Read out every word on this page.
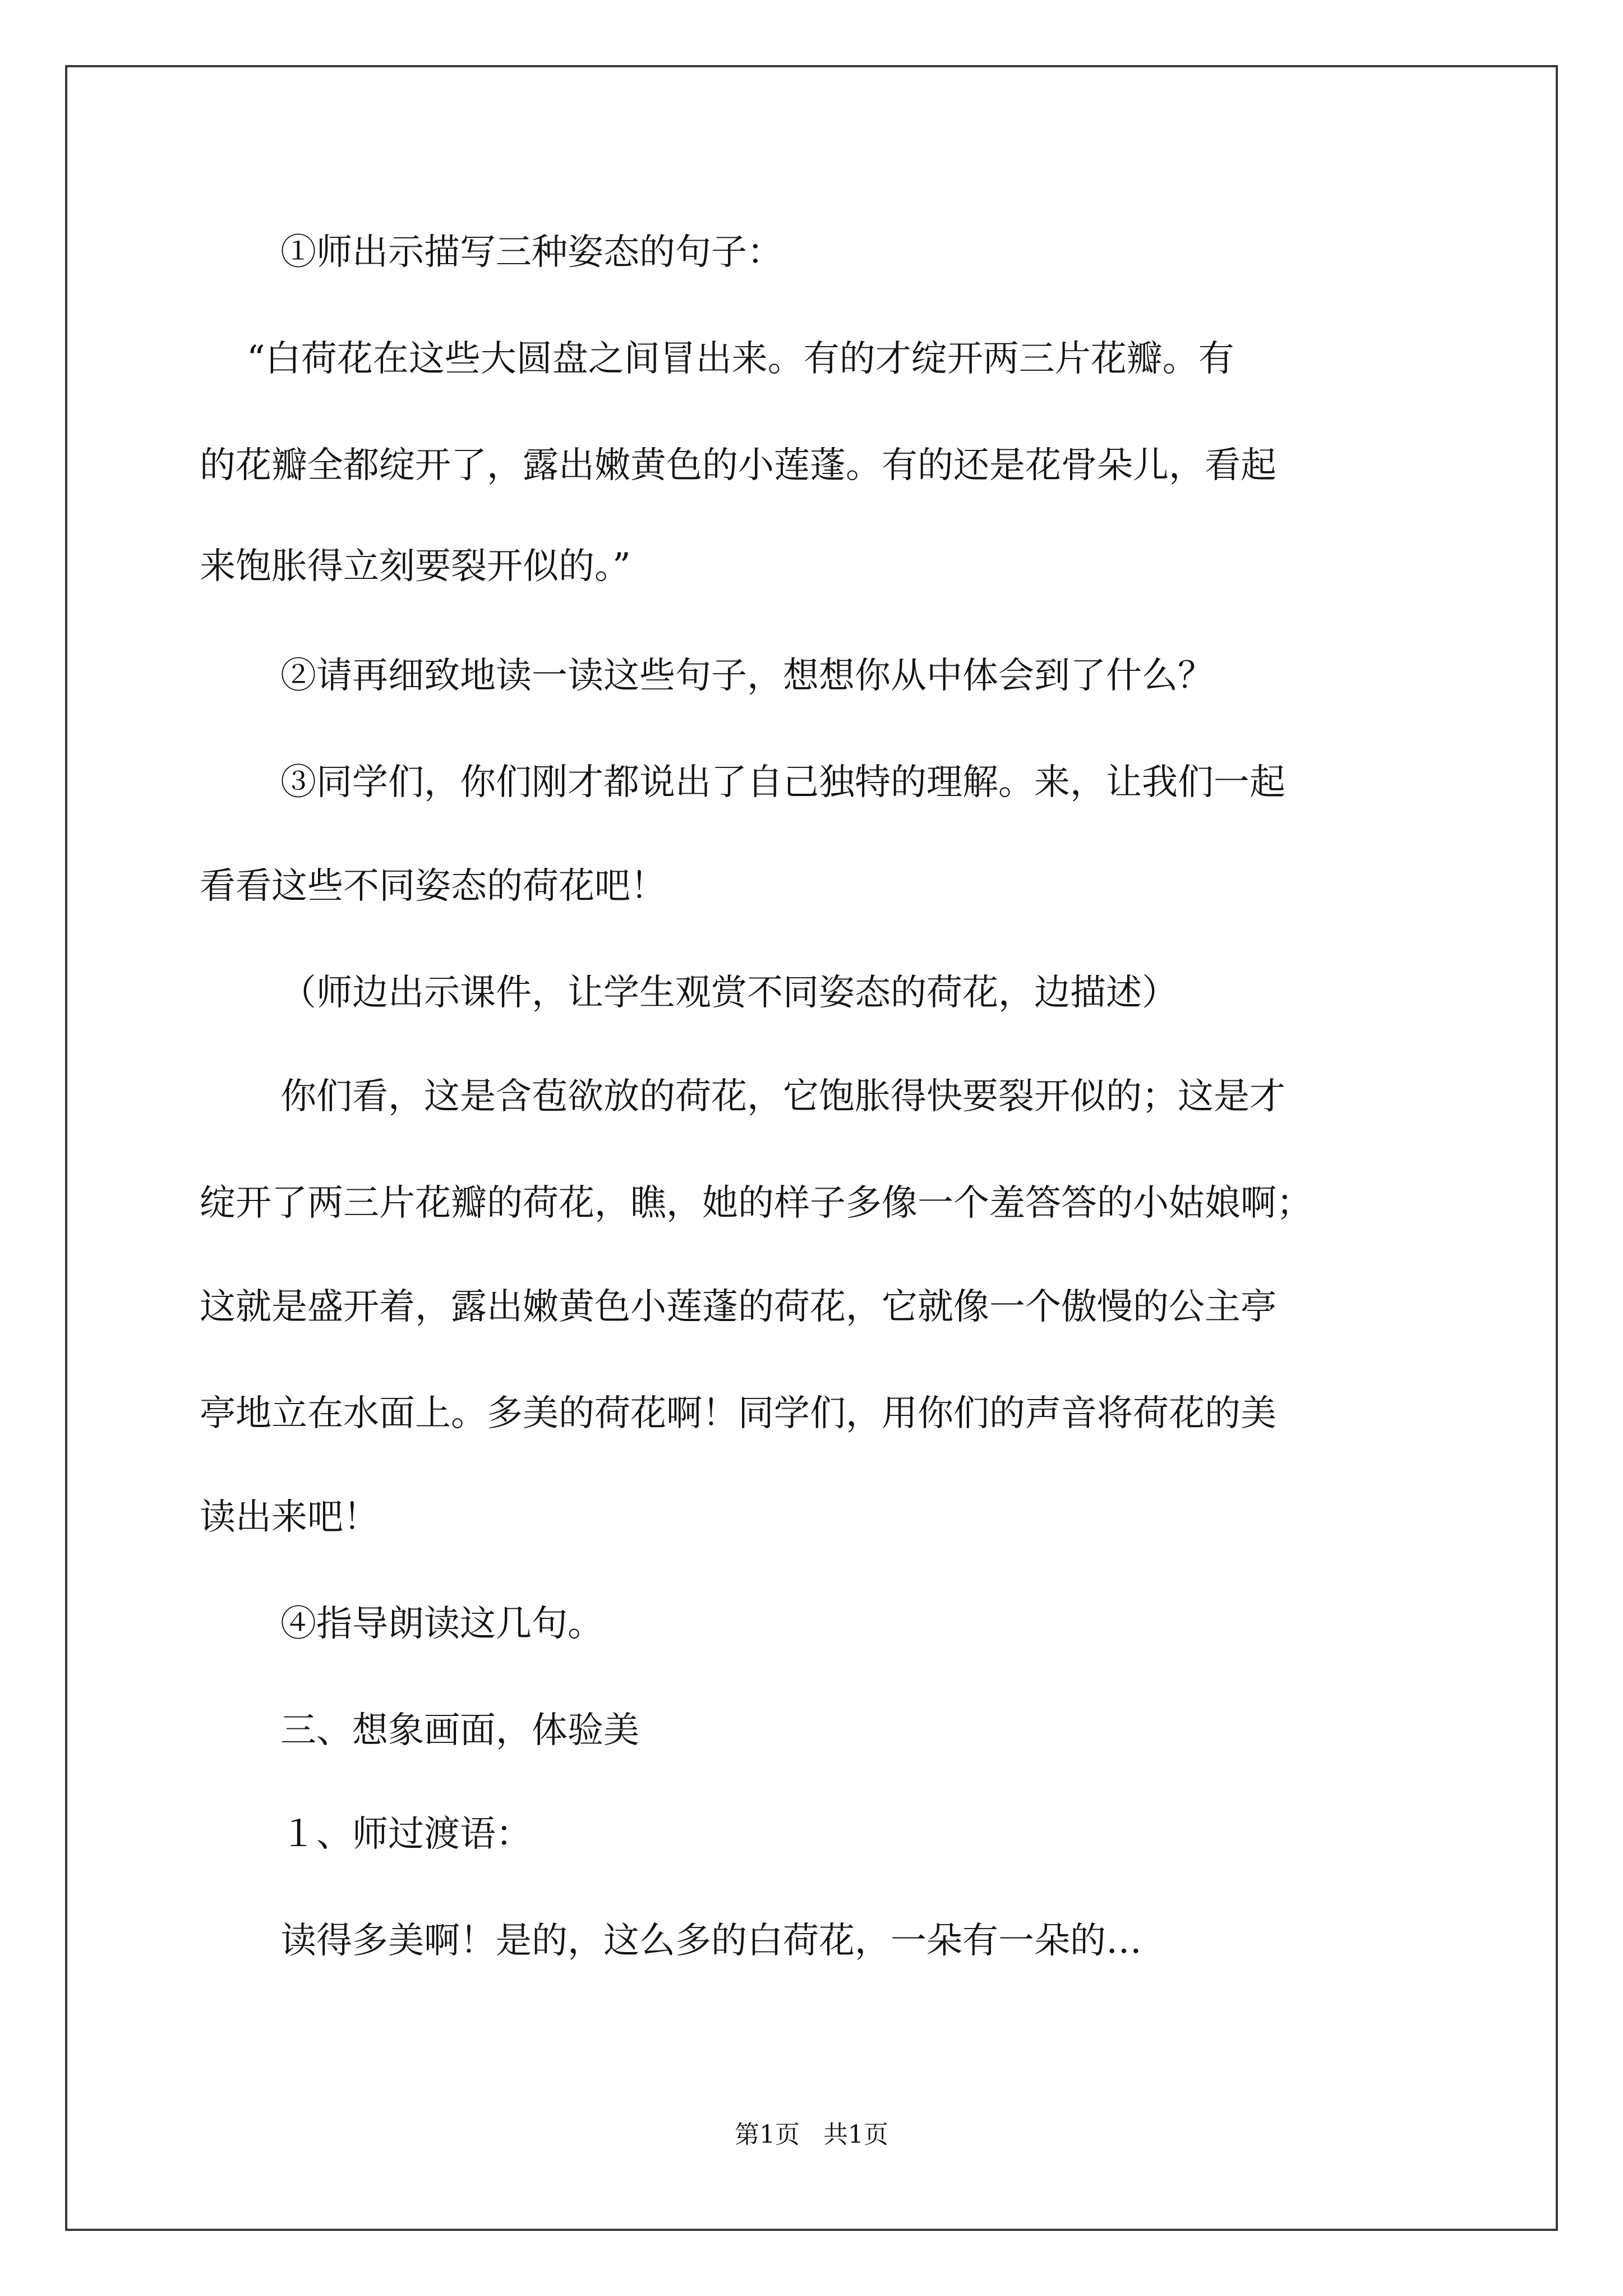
①师出示描写三种姿态的句子：
“白荷花在这些大圆盘之间冒出来。有的才绽开两三片花瓣。有
的花瓣全都绽开了，露出嫩黄色的小莲蓬。有的还是花骨朵儿，看起
来饱胀得立刻要裂开似的。”
②请再细致地读一读这些句子，想想你从中体会到了什么？
③同学们，你们刚才都说出了自己独特的理解。来，让我们一起
看看这些不同姿态的荷花吧！
（师边出示课件，让学生观赏不同姿态的荷花，边描述）
你们看，这是含苞欲放的荷花，它饱胀得快要裂开似的；这是才
绽开了两三片花瓣的荷花，瞧，她的样子多像一个羞答答的小姑娘啊；
这就是盛开着，露出嫩黄色小莲蓬的荷花，它就像一个傲慢的公主亭
亭地立在水面上。多美的荷花啊！同学们，用你们的声音将荷花的美
读出来吧！
④指导朗读这几句。
三、想象画面，体验美
１、师过渡语：
读得多美啊！是的，这么多的白荷花，一朵有一朵的…
第1页 共1页
